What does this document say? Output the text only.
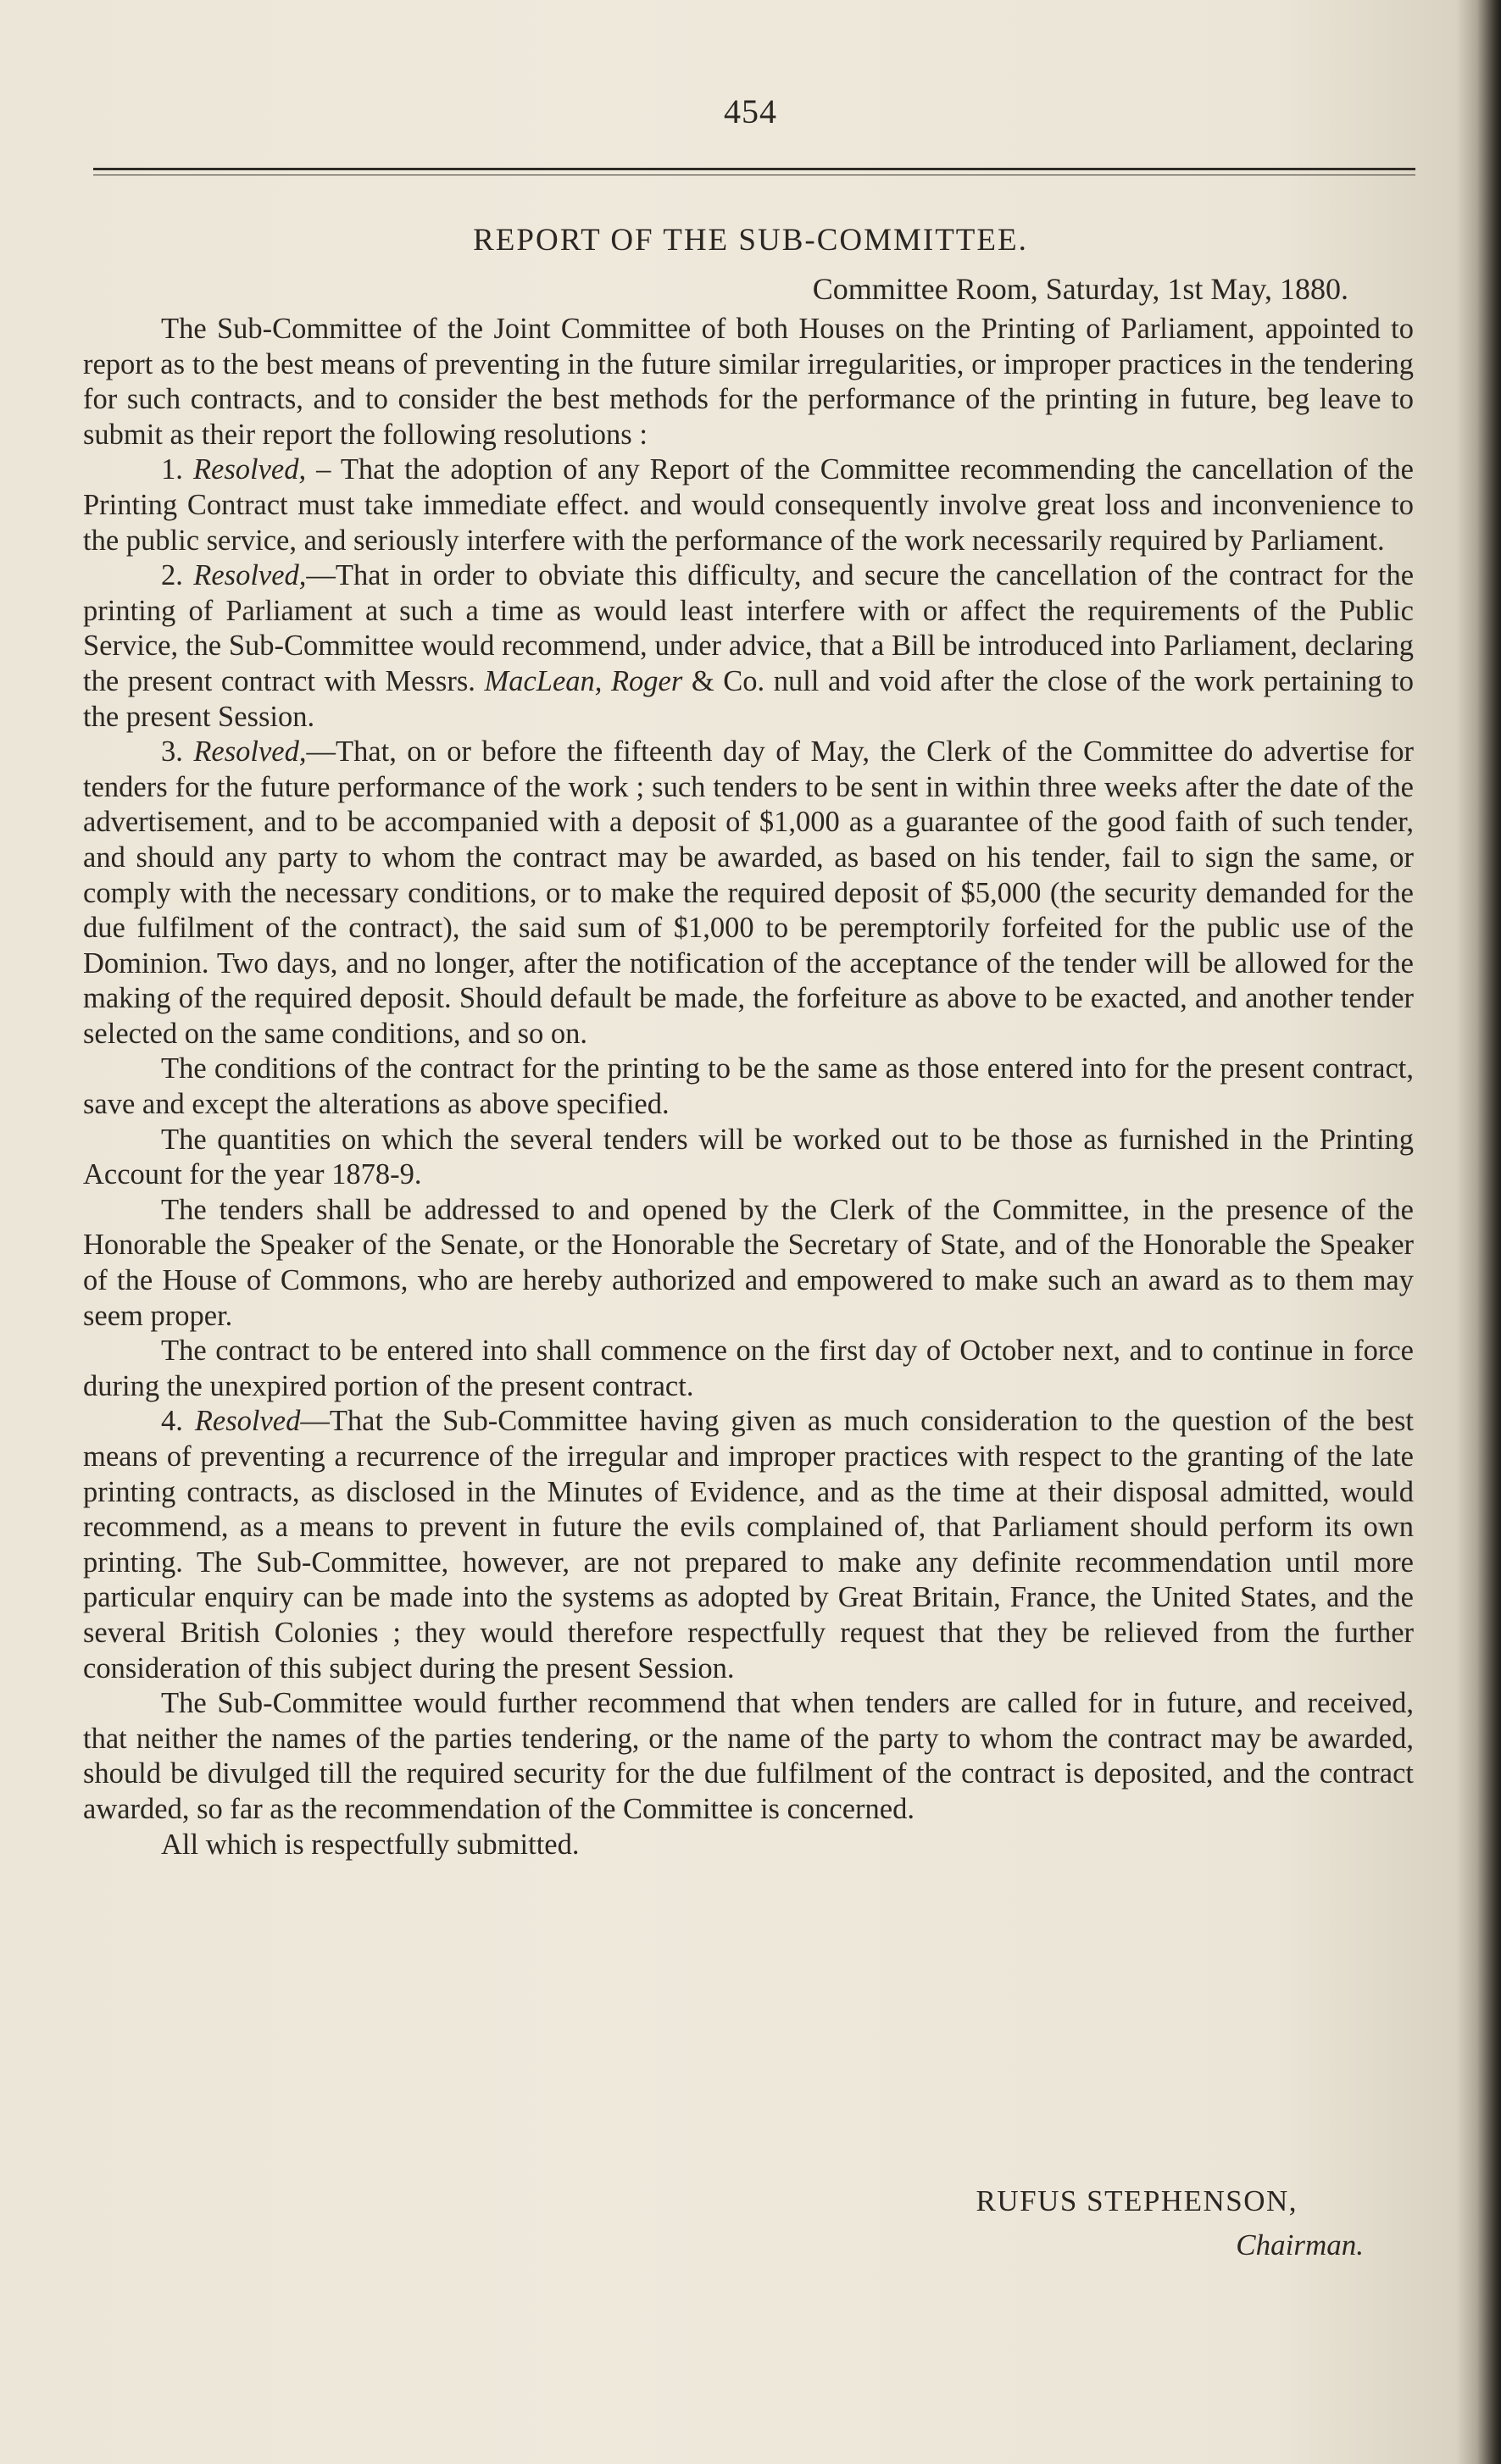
454
REPORT OF THE SUB-COMMITTEE.
Committee Room, Saturday, 1st May, 1880.

The Sub-Committee of the Joint Committee of both Houses on the Printing of Parliament, appointed to report as to the best means of preventing in the future similar irregularities, or improper practices in the tendering for such contracts, and to consider the best methods for the performance of the printing in future, beg leave to submit as their report the following resolutions :

1. Resolved, – That the adoption of any Report of the Committee recommending the cancellation of the Printing Contract must take immediate effect. and would consequently involve great loss and inconvenience to the public service, and seriously interfere with the performance of the work necessarily required by Parliament.

2. Resolved,—That in order to obviate this difficulty, and secure the cancellation of the contract for the printing of Parliament at such a time as would least interfere with or affect the requirements of the Public Service, the Sub-Committee would recommend, under advice, that a Bill be introduced into Parliament, declaring the present contract with Messrs. MacLean, Roger & Co. null and void after the close of the work pertaining to the present Session.

3. Resolved,—That, on or before the fifteenth day of May, the Clerk of the Committee do advertise for tenders for the future performance of the work ; such tenders to be sent in within three weeks after the date of the advertisement, and to be accompanied with a deposit of $1,000 as a guarantee of the good faith of such tender, and should any party to whom the contract may be awarded, as based on his tender, fail to sign the same, or comply with the necessary conditions, or to make the required deposit of $5,000 (the security demanded for the due fulfilment of the contract), the said sum of $1,000 to be peremptorily forfeited for the public use of the Dominion. Two days, and no longer, after the notification of the acceptance of the tender will be allowed for the making of the required deposit. Should default be made, the forfeiture as above to be exacted, and another tender selected on the same conditions, and so on.

The conditions of the contract for the printing to be the same as those entered into for the present contract, save and except the alterations as above specified.

The quantities on which the several tenders will be worked out to be those as furnished in the Printing Account for the year 1878-9.

The tenders shall be addressed to and opened by the Clerk of the Committee, in the presence of the Honorable the Speaker of the Senate, or the Honorable the Secretary of State, and of the Honorable the Speaker of the House of Commons, who are hereby authorized and empowered to make such an award as to them may seem proper.

The contract to be entered into shall commence on the first day of October next, and to continue in force during the unexpired portion of the present contract.

4. Resolved—That the Sub-Committee having given as much consideration to the question of the best means of preventing a recurrence of the irregular and improper practices with respect to the granting of the late printing contracts, as disclosed in the Minutes of Evidence, and as the time at their disposal admitted, would recommend, as a means to prevent in future the evils complained of, that Parliament should perform its own printing. The Sub-Committee, however, are not prepared to make any definite recommendation until more particular enquiry can be made into the systems as adopted by Great Britain, France, the United States, and the several British Colonies ; they would therefore respectfully request that they be relieved from the further consideration of this subject during the present Session.

The Sub-Committee would further recommend that when tenders are called for in future, and received, that neither the names of the parties tendering, or the name of the party to whom the contract may be awarded, should be divulged till the required security for the due fulfilment of the contract is deposited, and the contract awarded, so far as the recommendation of the Committee is concerned.

All which is respectfully submitted.

RUFUS STEPHENSON,
Chairman.
